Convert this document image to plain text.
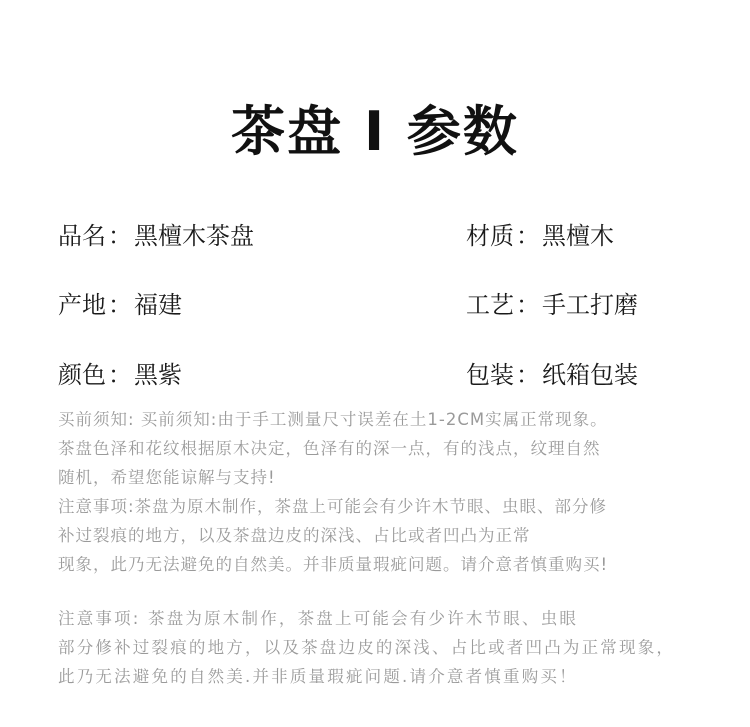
茶盘 I 参数
品名：黑檀木茶盘	材质：黑檀木
产地：福建	工艺：手工打磨
颜色：黑紫	包装：纸箱包装

买前须知: 买前须知:由于手工测量尺寸误差在土1-2CM实属正常现象。

茶盘色泽和花纹根据原木决定，色泽有的深一点，有的浅点，纹理自然

随机，希望您能谅解与支持!

注意事项:茶盘为原木制作，茶盘上可能会有少许木节眼、虫眼、部分修

补过裂痕的地方，以及茶盘边皮的深浅、占比或者凹凸为正常

现象，此乃无法避免的自然美。并非质量瑕疵问题。请介意者慎重购买!

注意事项: 茶盘为原木制作，茶盘上可能会有少许木节眼、虫眼

部分修补过裂痕的地方，以及茶盘边皮的深浅、占比或者凹凸为正常现象，

此乃无法避免的自然美.并非质量瑕疵问题.请介意者慎重购买！
